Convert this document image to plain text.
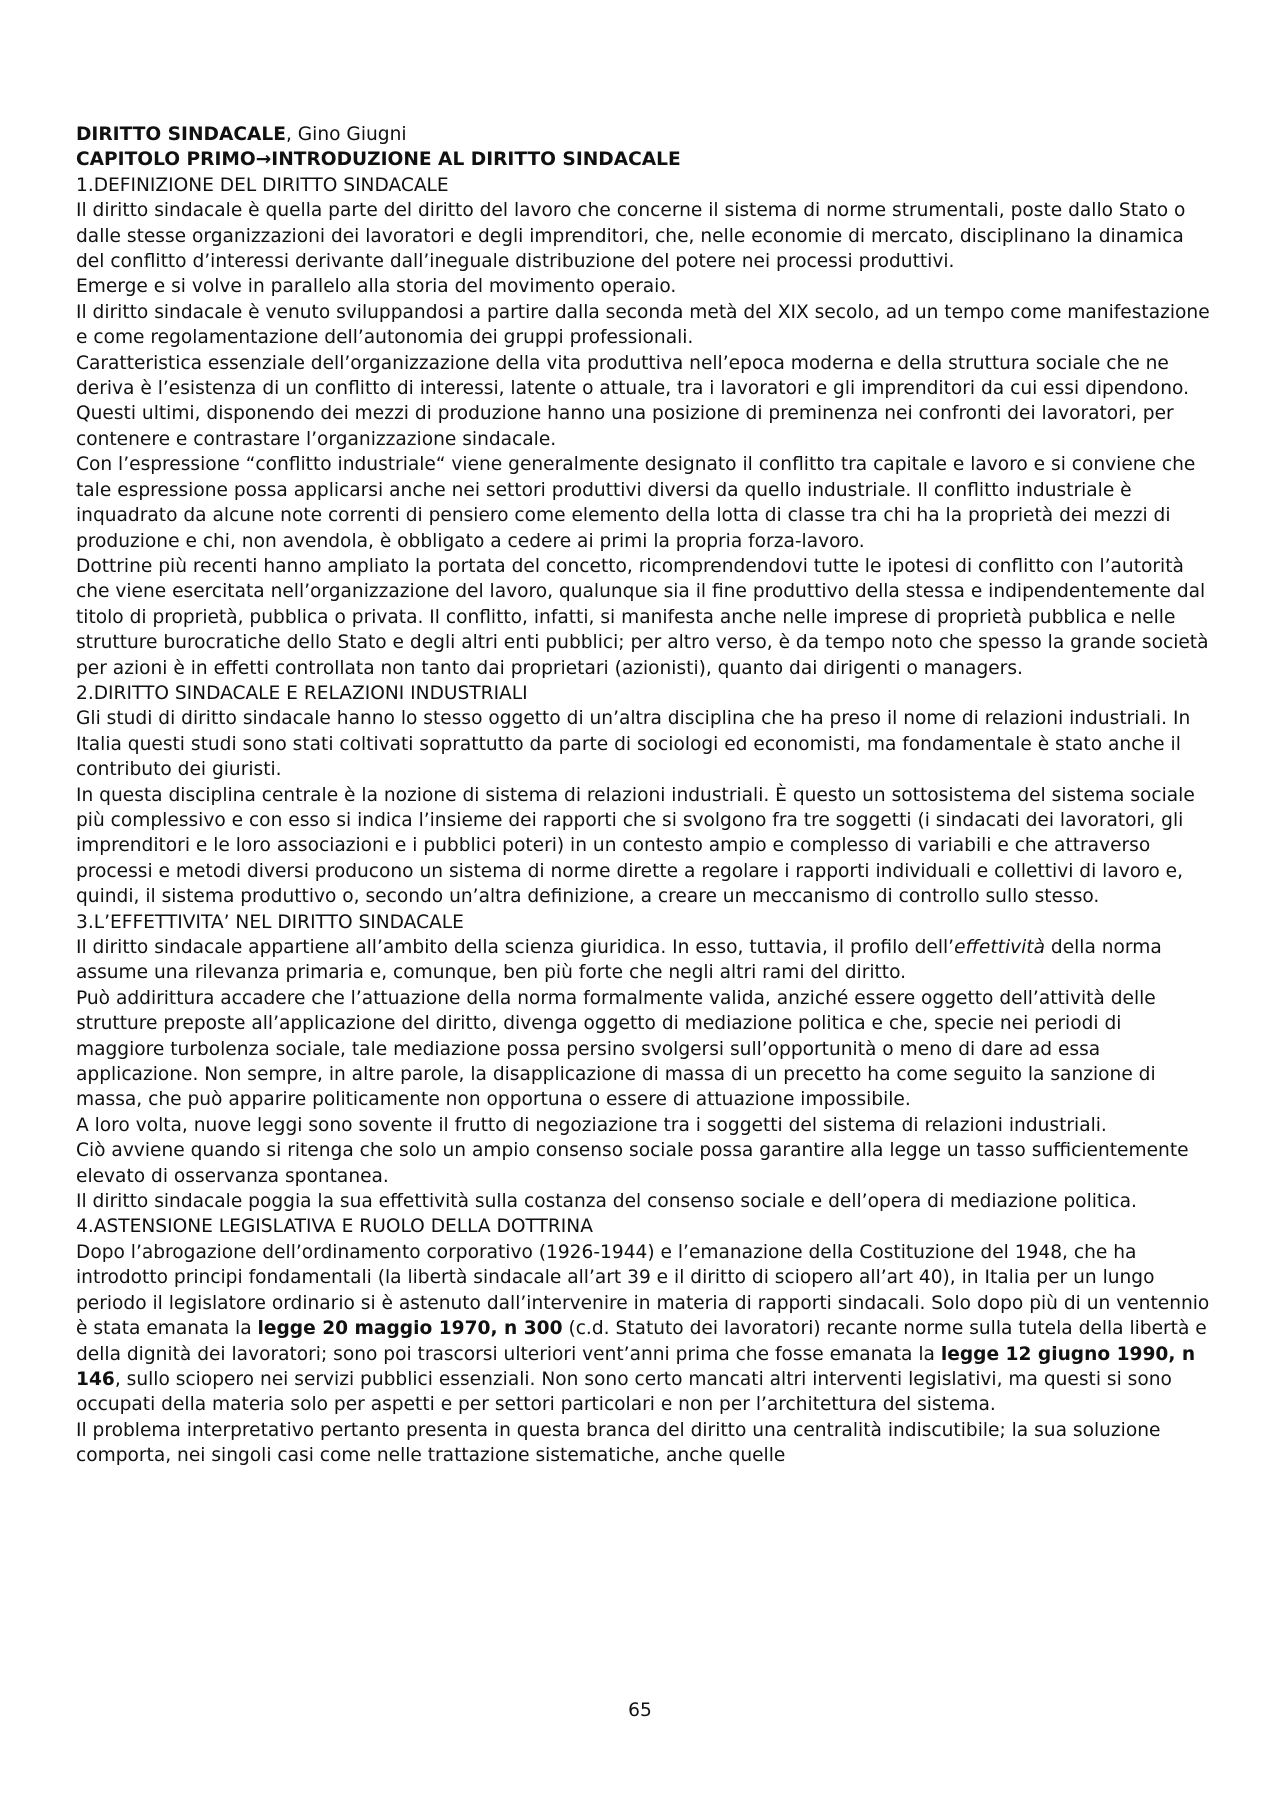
DIRITTO SINDACALE, Gino Giugni

CAPITOLO PRIMO→INTRODUZIONE AL DIRITTO SINDACALE

1.DEFINIZIONE DEL DIRITTO SINDACALE

Il diritto sindacale è quella parte del diritto del lavoro che concerne il sistema di norme strumentali, poste dallo Stato o dalle stesse organizzazioni dei lavoratori e degli imprenditori, che, nelle economie di mercato, disciplinano la dinamica del conflitto d’interessi derivante dall’ineguale distribuzione del potere nei processi produttivi.

Emerge e si volve in parallelo alla storia del movimento operaio.

Il diritto sindacale è venuto sviluppandosi a partire dalla seconda metà del XIX secolo, ad un tempo come manifestazione e come regolamentazione dell’autonomia dei gruppi professionali.

Caratteristica essenziale dell’organizzazione della vita produttiva nell’epoca moderna e della struttura sociale che ne deriva è l’esistenza di un conflitto di interessi, latente o attuale, tra i lavoratori e gli imprenditori da cui essi dipendono. Questi ultimi, disponendo dei mezzi di produzione hanno una posizione di preminenza nei confronti dei lavoratori, per contenere e contrastare l’organizzazione sindacale.

Con l’espressione “conflitto industriale“ viene generalmente designato il conflitto tra capitale e lavoro e si conviene che tale espressione possa applicarsi anche nei settori produttivi diversi da quello industriale. Il conflitto industriale è inquadrato da alcune note correnti di pensiero come elemento della lotta di classe tra chi ha la proprietà dei mezzi di produzione e chi, non avendola, è obbligato a cedere ai primi la propria forza-lavoro.

Dottrine più recenti hanno ampliato la portata del concetto, ricomprendendovi tutte le ipotesi di conflitto con l’autorità che viene esercitata nell’organizzazione del lavoro, qualunque sia il fine produttivo della stessa e indipendentemente dal titolo di proprietà, pubblica o privata. Il conflitto, infatti, si manifesta anche nelle imprese di proprietà pubblica e nelle strutture burocratiche dello Stato e degli altri enti pubblici; per altro verso, è da tempo noto che spesso la grande società per azioni è in effetti controllata non tanto dai proprietari (azionisti), quanto dai dirigenti o managers.

2.DIRITTO SINDACALE E RELAZIONI INDUSTRIALI

Gli studi di diritto sindacale hanno lo stesso oggetto di un’altra disciplina che ha preso il nome di relazioni industriali. In Italia questi studi sono stati coltivati soprattutto da parte di sociologi ed economisti, ma fondamentale è stato anche il contributo dei giuristi.

In questa disciplina centrale è la nozione di sistema di relazioni industriali. È questo un sottosistema del sistema sociale più complessivo e con esso si indica l’insieme dei rapporti che si svolgono fra tre soggetti (i sindacati dei lavoratori, gli imprenditori e le loro associazioni e i pubblici poteri) in un contesto ampio e complesso di variabili e che attraverso processi e metodi diversi producono un sistema di norme dirette a regolare i rapporti individuali e collettivi di lavoro e, quindi, il sistema produttivo o, secondo un’altra definizione, a creare un meccanismo di controllo sullo stesso.

3.L’EFFETTIVITA’ NEL DIRITTO SINDACALE

Il diritto sindacale appartiene all’ambito della scienza giuridica. In esso, tuttavia, il profilo dell’effettività della norma assume una rilevanza primaria e, comunque, ben più forte che negli altri rami del diritto.

Può addirittura accadere che l’attuazione della norma formalmente valida, anziché essere oggetto dell’attività delle strutture preposte all’applicazione del diritto, divenga oggetto di mediazione politica e che, specie nei periodi di maggiore turbolenza sociale, tale mediazione possa persino svolgersi sull’opportunità o meno di dare ad essa applicazione. Non sempre, in altre parole, la disapplicazione di massa di un precetto ha come seguito la sanzione di massa, che può apparire politicamente non opportuna o essere di attuazione impossibile.

A loro volta, nuove leggi sono sovente il frutto di negoziazione tra i soggetti del sistema di relazioni industriali.

Ciò avviene quando si ritenga che solo un ampio consenso sociale possa garantire alla legge un tasso sufficientemente elevato di osservanza spontanea.

Il diritto sindacale poggia la sua effettività sulla costanza del consenso sociale e dell’opera di mediazione politica.

4.ASTENSIONE LEGISLATIVA E RUOLO DELLA DOTTRINA

Dopo l’abrogazione dell’ordinamento corporativo (1926-1944) e l’emanazione della Costituzione del 1948, che ha introdotto principi fondamentali (la libertà sindacale all’art 39 e il diritto di sciopero all’art 40), in Italia per un lungo periodo il legislatore ordinario si è astenuto dall’intervenire in materia di rapporti sindacali. Solo dopo più di un ventennio è stata emanata la legge 20 maggio 1970, n 300 (c.d. Statuto dei lavoratori) recante norme sulla tutela della libertà e della dignità dei lavoratori; sono poi trascorsi ulteriori vent’anni prima che fosse emanata la legge 12 giugno 1990, n 146, sullo sciopero nei servizi pubblici essenziali. Non sono certo mancati altri interventi legislativi, ma questi si sono occupati della materia solo per aspetti e per settori particolari e non per l’architettura del sistema.

Il problema interpretativo pertanto presenta in questa branca del diritto una centralità indiscutibile; la sua soluzione comporta, nei singoli casi come nelle trattazione sistematiche, anche quelle

65
